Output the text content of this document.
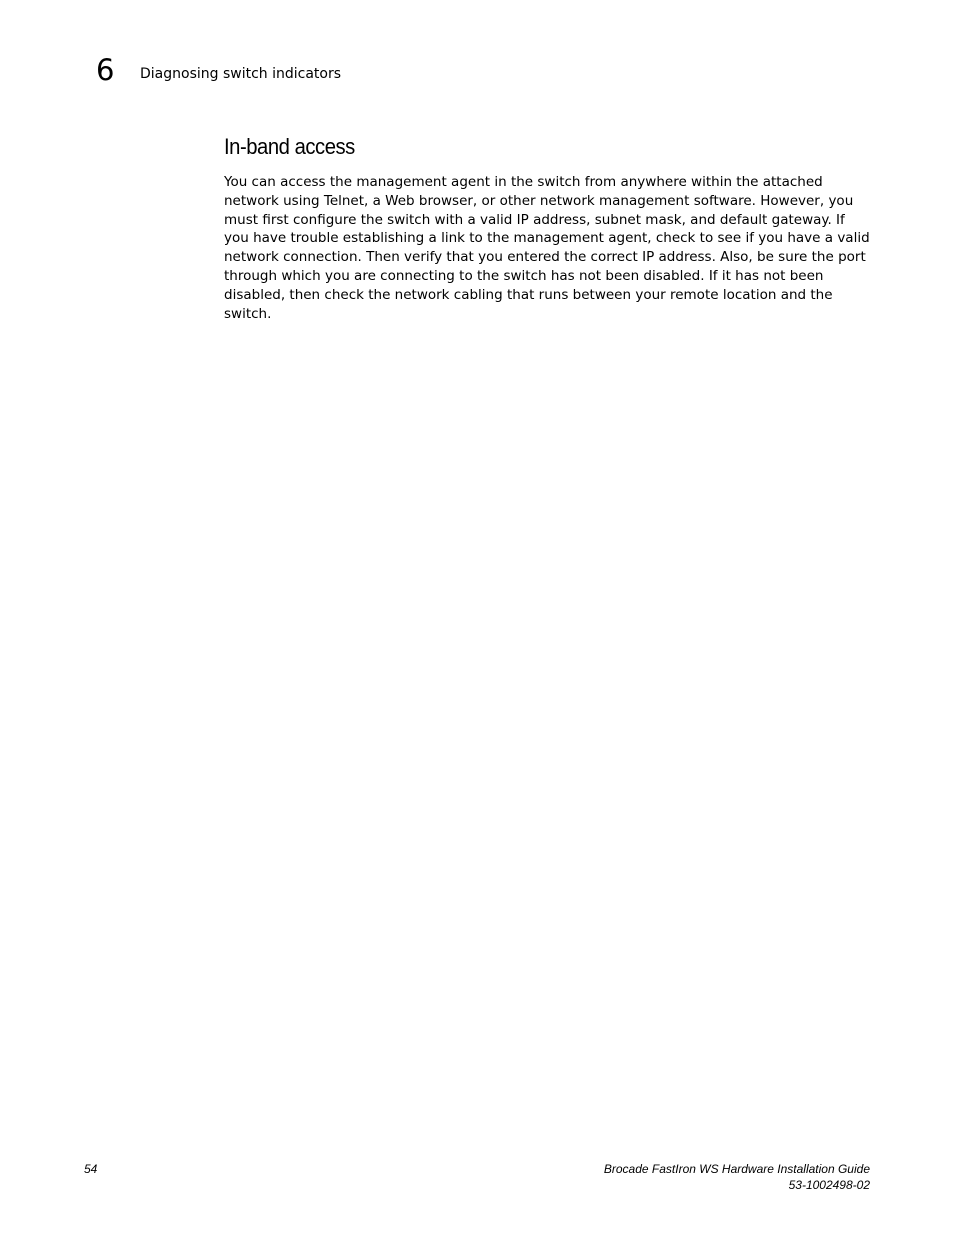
6 Diagnosing switch indicators
In-band access

You can access the management agent in the switch from anywhere within the attached network using Telnet, a Web browser, or other network management software. However, you must first configure the switch with a valid IP address, subnet mask, and default gateway. If you have trouble establishing a link to the management agent, check to see if you have a valid network connection. Then verify that you entered the correct IP address. Also, be sure the port through which you are connecting to the switch has not been disabled. If it has not been disabled, then check the network cabling that runs between your remote location and the switch.

54	Brocade FastIron WS Hardware Installation Guide
53-1002498-02
